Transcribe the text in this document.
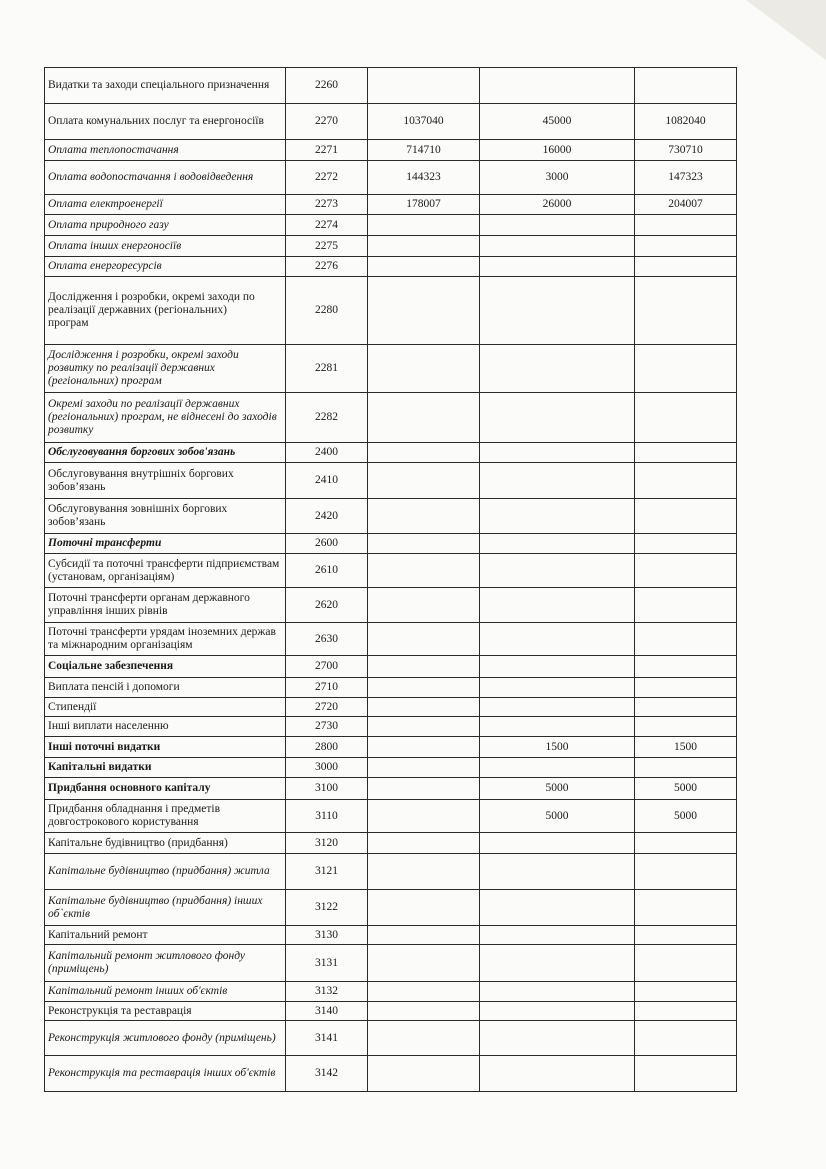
Видатки та заходи спеціального призначення	2260			
Оплата комунальних послуг та енергоносіїв	2270	1037040	45000	1082040
Оплата теплопостачання	2271	714710	16000	730710
Оплата водопостачання і водовідведення	2272	144323	3000	147323
Оплата електроенергії	2273	178007	26000	204007
Оплата природного газу	2274			
Оплата інших енергоносіїв	2275			
Оплата енергоресурсів	2276			
Дослідження і розробки, окремі заходи по реалізації державних (регіональних)           програм	2280			
Дослідження і розробки, окремі заходи розвитку по реалізації державних (регіональних) програм	2281			
Окремі заходи по реалізації державних (регіональних) програм, не віднесені до заходів розвитку	2282			
Обслуговування боргових зобов'язань	2400			
Обслуговування внутрішніх боргових зобов’язань	2410			
Обслуговування зовнішніх боргових зобов’язань	2420			
Поточні трансферти	2600			
Субсидії та поточні трансферти підприємствам (установам, організаціям)	2610			
Поточні трансферти органам державного управління інших рівнів	2620			
Поточні трансферти урядам іноземних держав  та міжнародним організаціям	2630			
Соціальне забезпечення	2700			
Виплата пенсій і допомоги	2710			
Стипендії	2720			
Інші виплати населенню	2730			
Інші поточні видатки	2800		1500	1500
Капітальні видатки	3000			
Придбання основного капіталу	3100		5000	5000
Придбання обладнання і предметів довгострокового користування	3110		5000	5000
Капітальне будівництво (придбання)	3120			
Капітальне будівництво (придбання) житла	3121			
Капітальне будівництво (придбання) інших об`єктів	3122			
Капітальний ремонт	3130			
Капітальний ремонт житлового фонду (приміщень)	3131			
Капітальний ремонт інших об'єктів	3132			
Реконструкція та реставрація	3140			
Реконструкція житлового фонду (приміщень)	3141			
Реконструкція та реставрація інших об'єктів	3142			
